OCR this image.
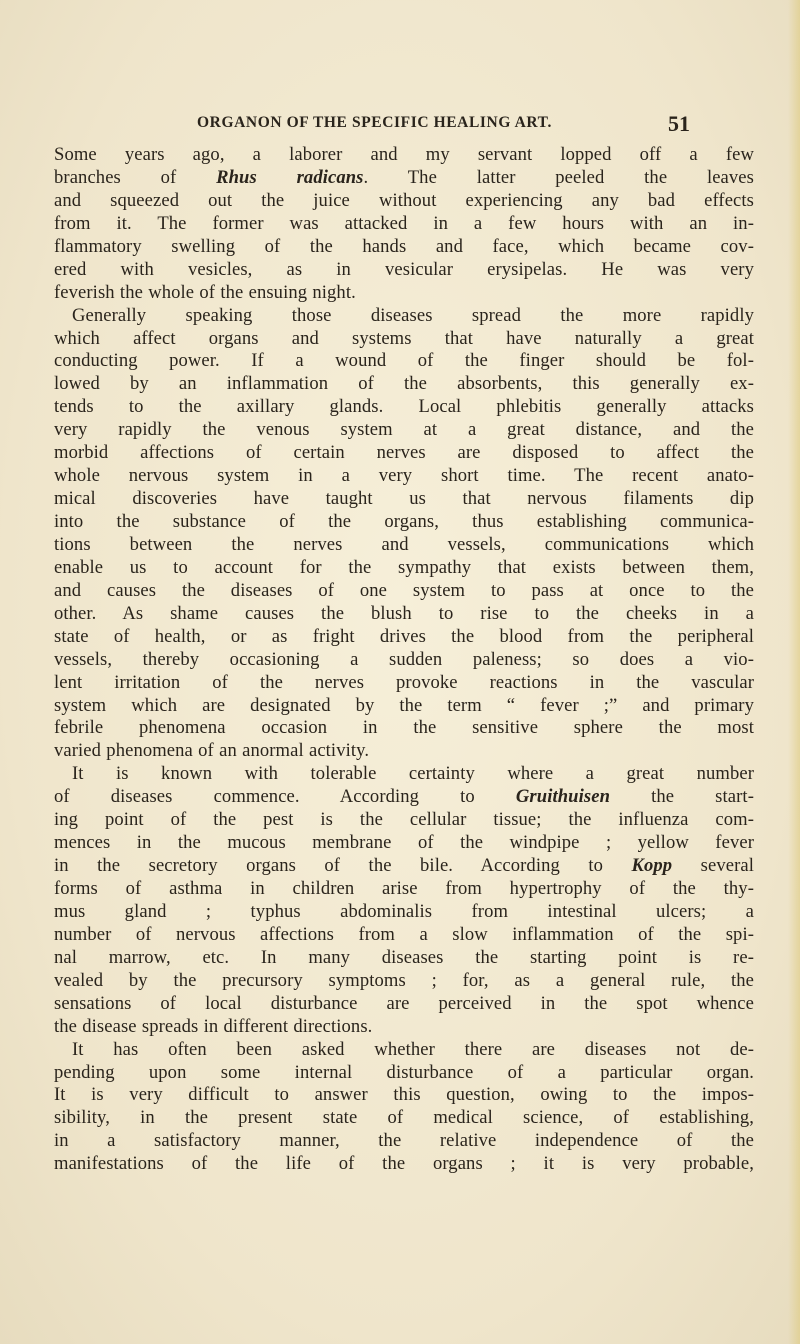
ORGANON OF THE SPECIFIC HEALING ART.	51
Some years ago, a laborer and my servant lopped off a few
branches of Rhus radicans. The latter peeled the leaves
and squeezed out the juice without experiencing any bad effects
from it. The former was attacked in a few hours with an in-
flammatory swelling of the hands and face, which became cov-
ered with vesicles, as in vesicular erysipelas. He was very
feverish the whole of the ensuing night.
Generally speaking those diseases spread the more rapidly
which affect organs and systems that have naturally a great
conducting power. If a wound of the finger should be fol-
lowed by an inflammation of the absorbents, this generally ex-
tends to the axillary glands. Local phlebitis generally attacks
very rapidly the venous system at a great distance, and the
morbid affections of certain nerves are disposed to affect the
whole nervous system in a very short time. The recent anato-
mical discoveries have taught us that nervous filaments dip
into the substance of the organs, thus establishing communica-
tions between the nerves and vessels, communications which
enable us to account for the sympathy that exists between them,
and causes the diseases of one system to pass at once to the
other. As shame causes the blush to rise to the cheeks in a
state of health, or as fright drives the blood from the peripheral
vessels, thereby occasioning a sudden paleness; so does a vio-
lent irritation of the nerves provoke reactions in the vascular
system which are designated by the term “ fever ;” and primary
febrile phenomena occasion in the sensitive sphere the most
varied phenomena of an anormal activity.
It is known with tolerable certainty where a great number
of diseases commence. According to Gruithuisen the start-
ing point of the pest is the cellular tissue; the influenza com-
mences in the mucous membrane of the windpipe ; yellow fever
in the secretory organs of the bile. According to Kopp several
forms of asthma in children arise from hypertrophy of the thy-
mus gland ; typhus abdominalis from intestinal ulcers; a
number of nervous affections from a slow inflammation of the spi-
nal marrow, etc. In many diseases the starting point is re-
vealed by the precursory symptoms ; for, as a general rule, the
sensations of local disturbance are perceived in the spot whence
the disease spreads in different directions.
It has often been asked whether there are diseases not de-
pending upon some internal disturbance of a particular organ.
It is very difficult to answer this question, owing to the impos-
sibility, in the present state of medical science, of establishing,
in a satisfactory manner, the relative independence of the
manifestations of the life of the organs ; it is very probable,
